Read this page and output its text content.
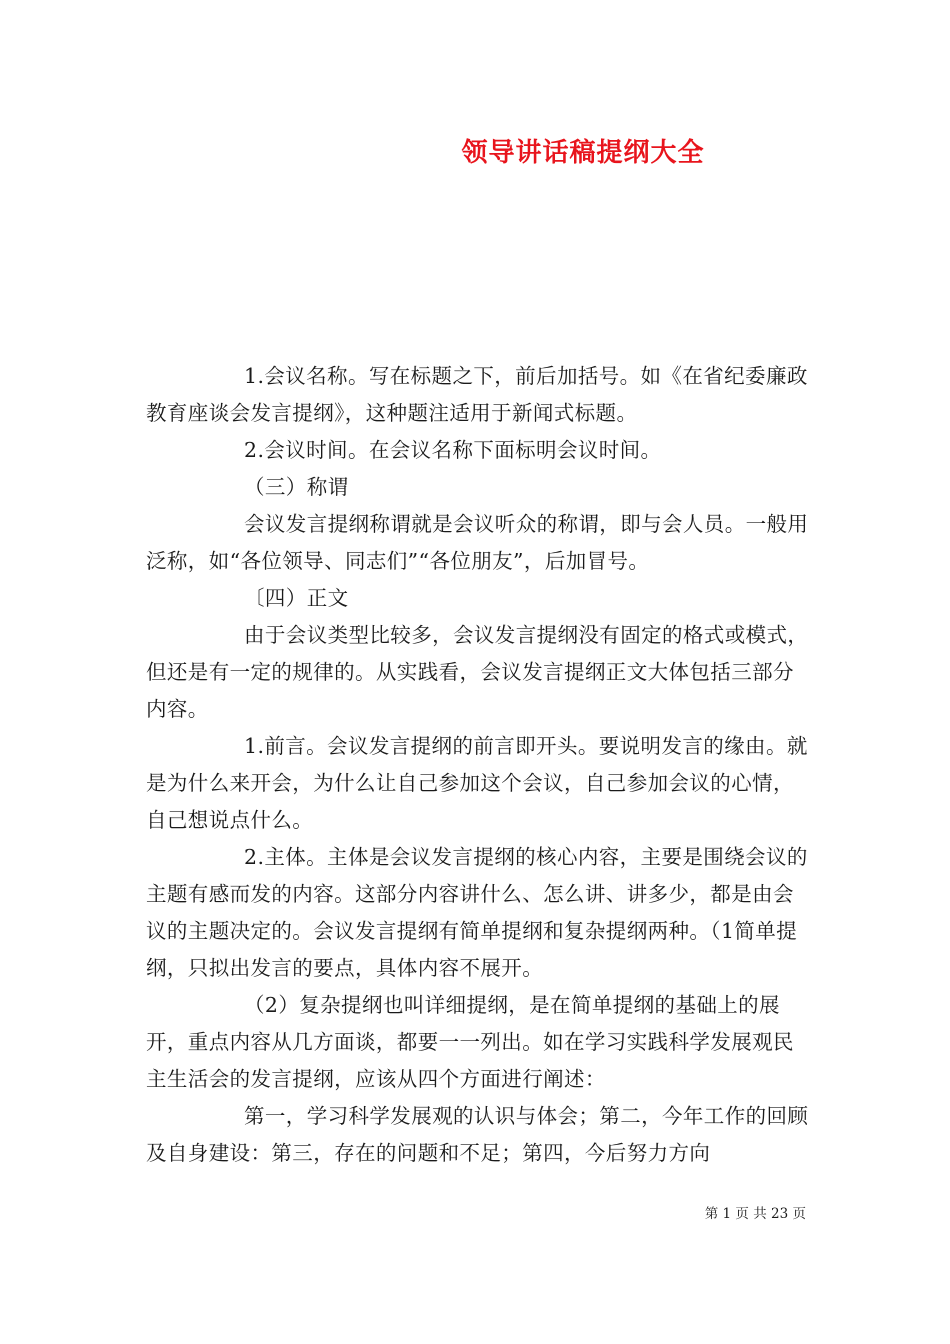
领导讲话稿提纲大全

1.会议名称。写在标题之下，前后加括号。如《在省纪委廉政教育座谈会发言提纲》，这种题注适用于新闻式标题。

2.会议时间。在会议名称下面标明会议时间。

（三）称谓

会议发言提纲称谓就是会议听众的称谓，即与会人员。一般用泛称，如“各位领导、同志们”“各位朋友”，后加冒号。

〔四）正文

由于会议类型比较多，会议发言提纲没有固定的格式或模式，但还是有一定的规律的。从实践看，会议发言提纲正文大体包括三部分内容。

1.前言。会议发言提纲的前言即开头。要说明发言的缘由。就是为什么来开会，为什么让自己参加这个会议，自己参加会议的心情，自己想说点什么。

2.主体。主体是会议发言提纲的核心内容，主要是围绕会议的主题有感而发的内容。这部分内容讲什么、怎么讲、讲多少，都是由会议的主题决定的。会议发言提纲有简单提纲和复杂提纲两种。（1简单提纲，只拟出发言的要点，具体内容不展开。

（2）复杂提纲也叫详细提纲，是在简单提纲的基础上的展开，重点内容从几方面谈，都要一一列出。如在学习实践科学发展观民主生活会的发言提纲，应该从四个方面进行阐述：

第一，学习科学发展观的认识与体会；第二，今年工作的回顾及自身建设：第三，存在的问题和不足；第四，今后努力方向

第 1 页 共 23 页
